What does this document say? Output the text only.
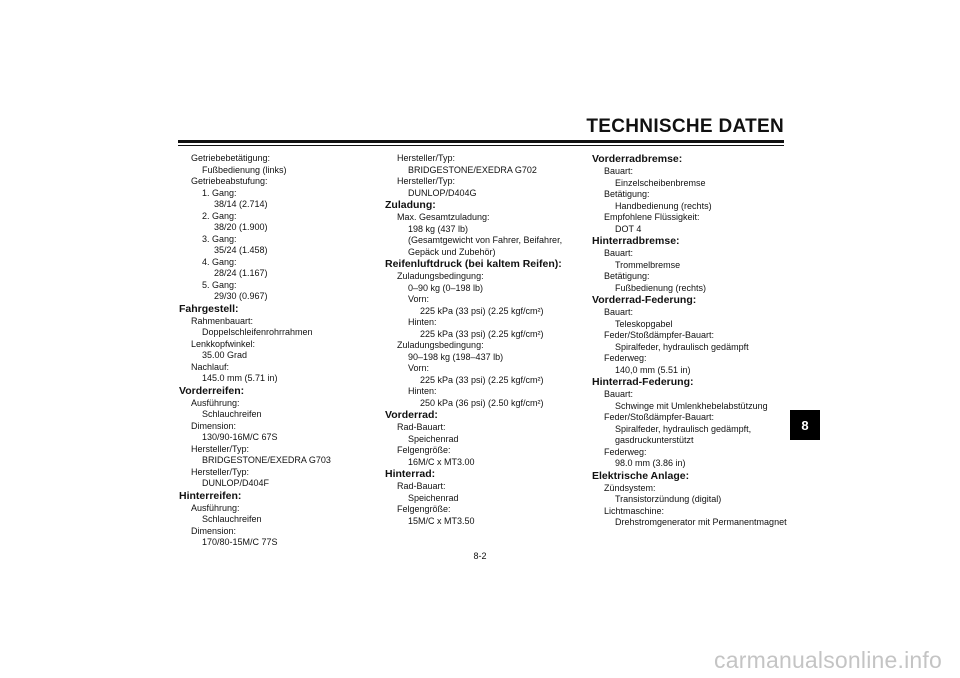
TECHNISCHE DATEN
Getriebebetätigung:
Fußbedienung (links)
Getriebeabstufung:
1. Gang:
38/14 (2.714)
2. Gang:
38/20 (1.900)
3. Gang:
35/24 (1.458)
4. Gang:
28/24 (1.167)
5. Gang:
29/30 (0.967)
Fahrgestell:
Rahmenbauart:
Doppelschleifenrohrrahmen
Lenkkopfwinkel:
35.00 Grad
Nachlauf:
145.0 mm (5.71 in)
Vorderreifen:
Ausführung:
Schlauchreifen
Dimension:
130/90-16M/C 67S
Hersteller/Typ:
BRIDGESTONE/EXEDRA G703
Hersteller/Typ:
DUNLOP/D404F
Hinterreifen:
Ausführung:
Schlauchreifen
Dimension:
170/80-15M/C 77S
Hersteller/Typ:
BRIDGESTONE/EXEDRA G702
Hersteller/Typ:
DUNLOP/D404G
Zuladung:
Max. Gesamtzuladung:
198 kg (437 lb)
(Gesamtgewicht von Fahrer, Beifahrer,
Gepäck und Zubehör)
Reifenluftdruck (bei kaltem Reifen):
Zuladungsbedingung:
0–90 kg (0–198 lb)
Vorn:
225 kPa (33 psi) (2.25 kgf/cm²)
Hinten:
225 kPa (33 psi) (2.25 kgf/cm²)
Zuladungsbedingung:
90–198 kg (198–437 lb)
Vorn:
225 kPa (33 psi) (2.25 kgf/cm²)
Hinten:
250 kPa (36 psi) (2.50 kgf/cm²)
Vorderrad:
Rad-Bauart:
Speichenrad
Felgengröße:
16M/C x MT3.00
Hinterrad:
Rad-Bauart:
Speichenrad
Felgengröße:
15M/C x MT3.50
Vorderradbremse:
Bauart:
Einzelscheibenbremse
Betätigung:
Handbedienung (rechts)
Empfohlene Flüssigkeit:
DOT 4
Hinterradbremse:
Bauart:
Trommelbremse
Betätigung:
Fußbedienung (rechts)
Vorderrad-Federung:
Bauart:
Teleskopgabel
Feder/Stoßdämpfer-Bauart:
Spiralfeder, hydraulisch gedämpft
Federweg:
140,0 mm (5.51 in)
Hinterrad-Federung:
Bauart:
Schwinge mit Umlenkhebelabstützung
Feder/Stoßdämpfer-Bauart:
Spiralfeder, hydraulisch gedämpft,
gasdruckunterstützt
Federweg:
98.0 mm (3.86 in)
Elektrische Anlage:
Zündsystem:
Transistorzündung (digital)
Lichtmaschine:
Drehstromgenerator mit Permanentmagnet
8
8-2
carmanualsonline.info
